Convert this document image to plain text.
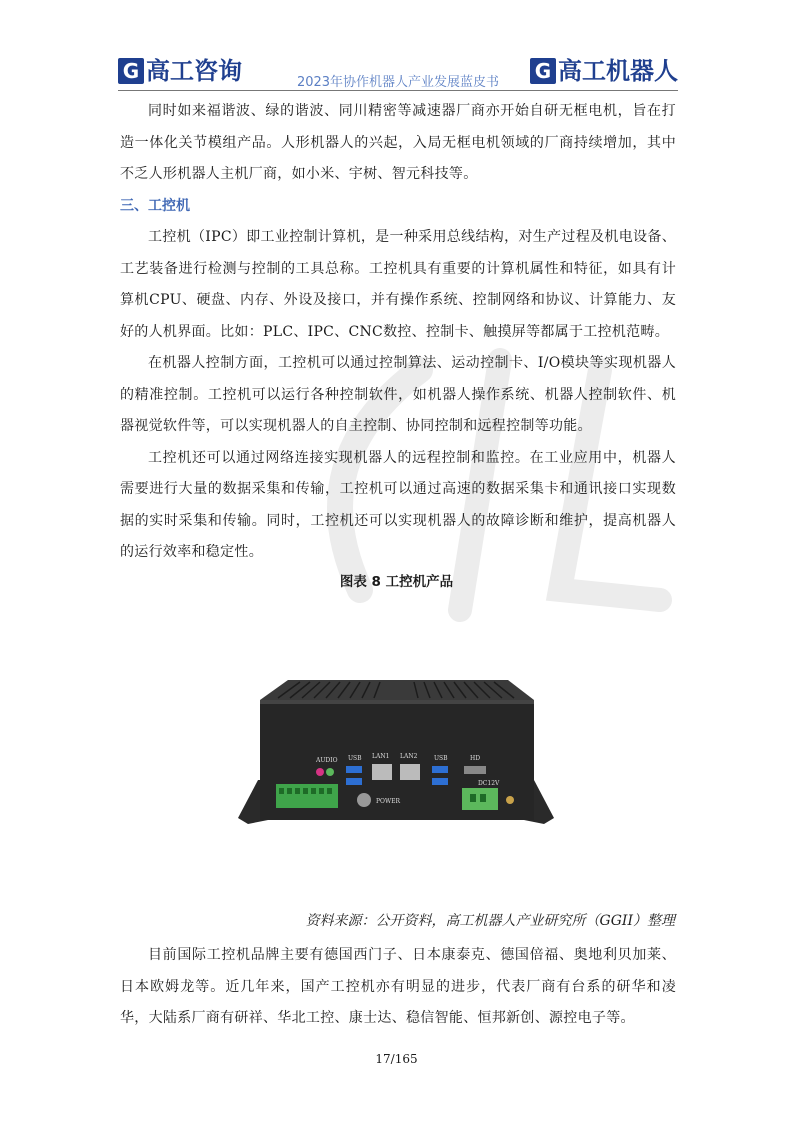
G 高工咨询	2023年协作机器人产业发展蓝皮书	G 高工机器人

同时如来福谐波、绿的谐波、同川精密等减速器厂商亦开始自研无框电机，旨在打造一体化关节模组产品。人形机器人的兴起，入局无框电机领域的厂商持续增加，其中不乏人形机器人主机厂商，如小米、宇树、智元科技等。

三、工控机

工控机（IPC）即工业控制计算机，是一种采用总线结构，对生产过程及机电设备、工艺装备进行检测与控制的工具总称。工控机具有重要的计算机属性和特征，如具有计算机CPU、硬盘、内存、外设及接口，并有操作系统、控制网络和协议、计算能力、友好的人机界面。比如：PLC、IPC、CNC数控、控制卡、触摸屏等都属于工控机范畴。

在机器人控制方面，工控机可以通过控制算法、运动控制卡、I/O模块等实现机器人的精准控制。工控机可以运行各种控制软件，如机器人操作系统、机器人控制软件、机器视觉软件等，可以实现机器人的自主控制、协同控制和远程控制等功能。

工控机还可以通过网络连接实现机器人的远程控制和监控。在工业应用中，机器人需要进行大量的数据采集和传输，工控机可以通过高速的数据采集卡和通讯接口实现数据的实时采集和传输。同时，工控机还可以实现机器人的故障诊断和维护，提高机器人的运行效率和稳定性。

图表 8 工控机产品
AUDIO USB LAN1 LAN2
POWER
USB	HD
DC12V
资料来源：公开资料，高工机器人产业研究所（GGII）整理

目前国际工控机品牌主要有德国西门子、日本康泰克、德国倍福、奥地利贝加莱、日本欧姆龙等。近几年来，国产工控机亦有明显的进步，代表厂商有台系的研华和凌华，大陆系厂商有研祥、华北工控、康士达、稳信智能、恒邦新创、源控电子等。

17/165
